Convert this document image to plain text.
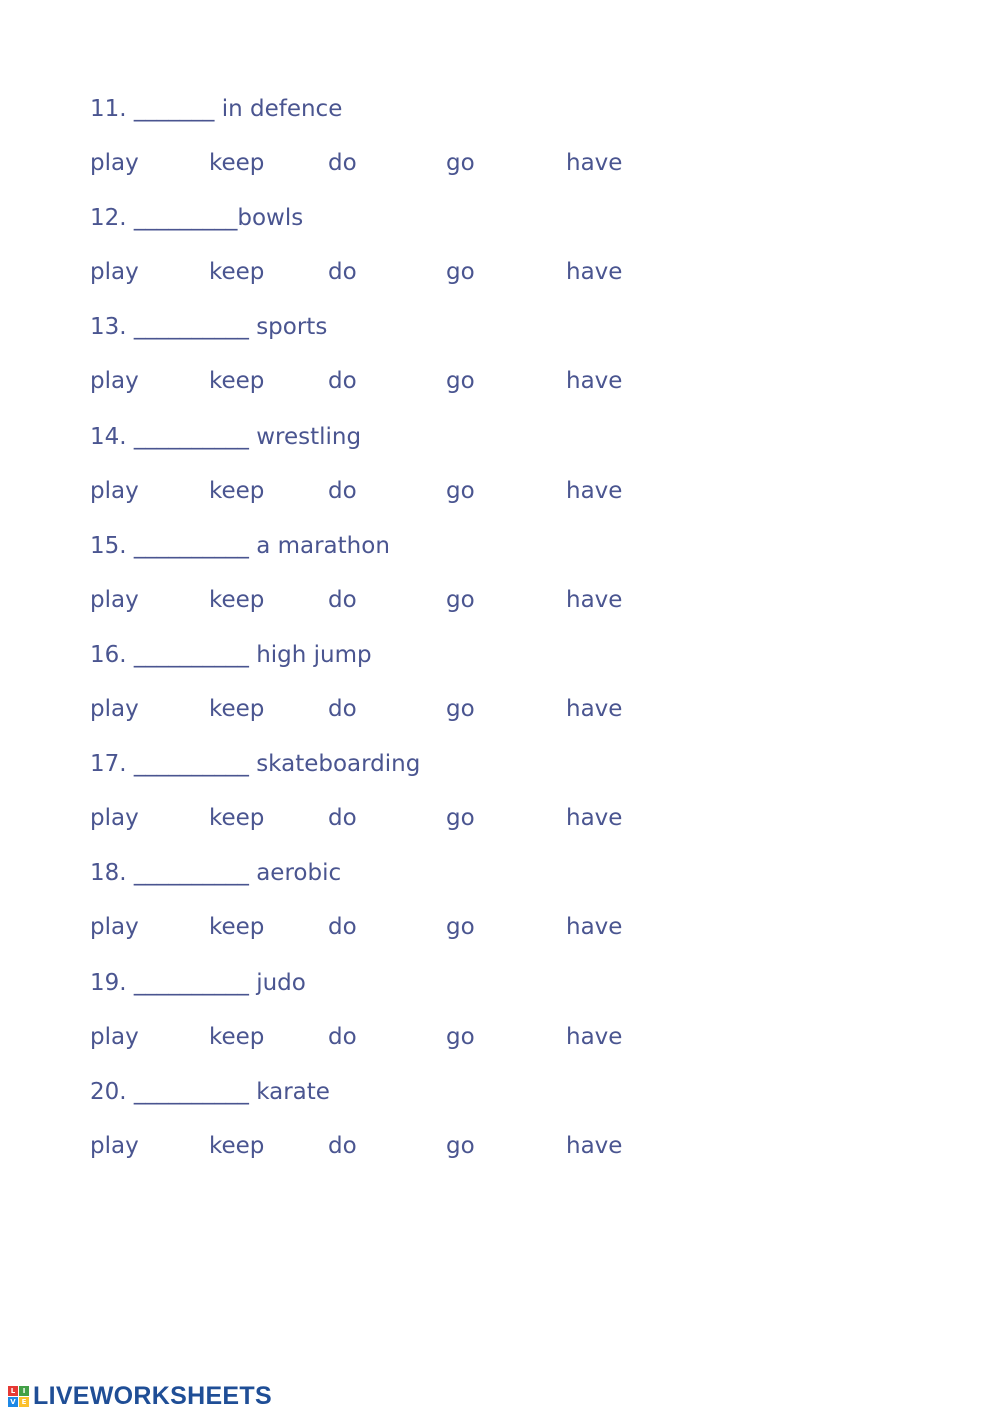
11. _______ in defence
play	keep	do	go	have
12. _________bowls
play	keep	do	go	have
13. __________ sports
play	keep	do	go	have
14. __________ wrestling
play	keep	do	go	have
15. __________ a marathon
play	keep	do	go	have
16. __________ high jump
play	keep	do	go	have
17. __________ skateboarding
play	keep	do	go	have
18. __________ aerobic
play	keep	do	go	have
19. __________ judo
play	keep	do	go	have
20. __________ karate
play	keep	do	go	have
L	I
V E LIVEWORKSHEETS
